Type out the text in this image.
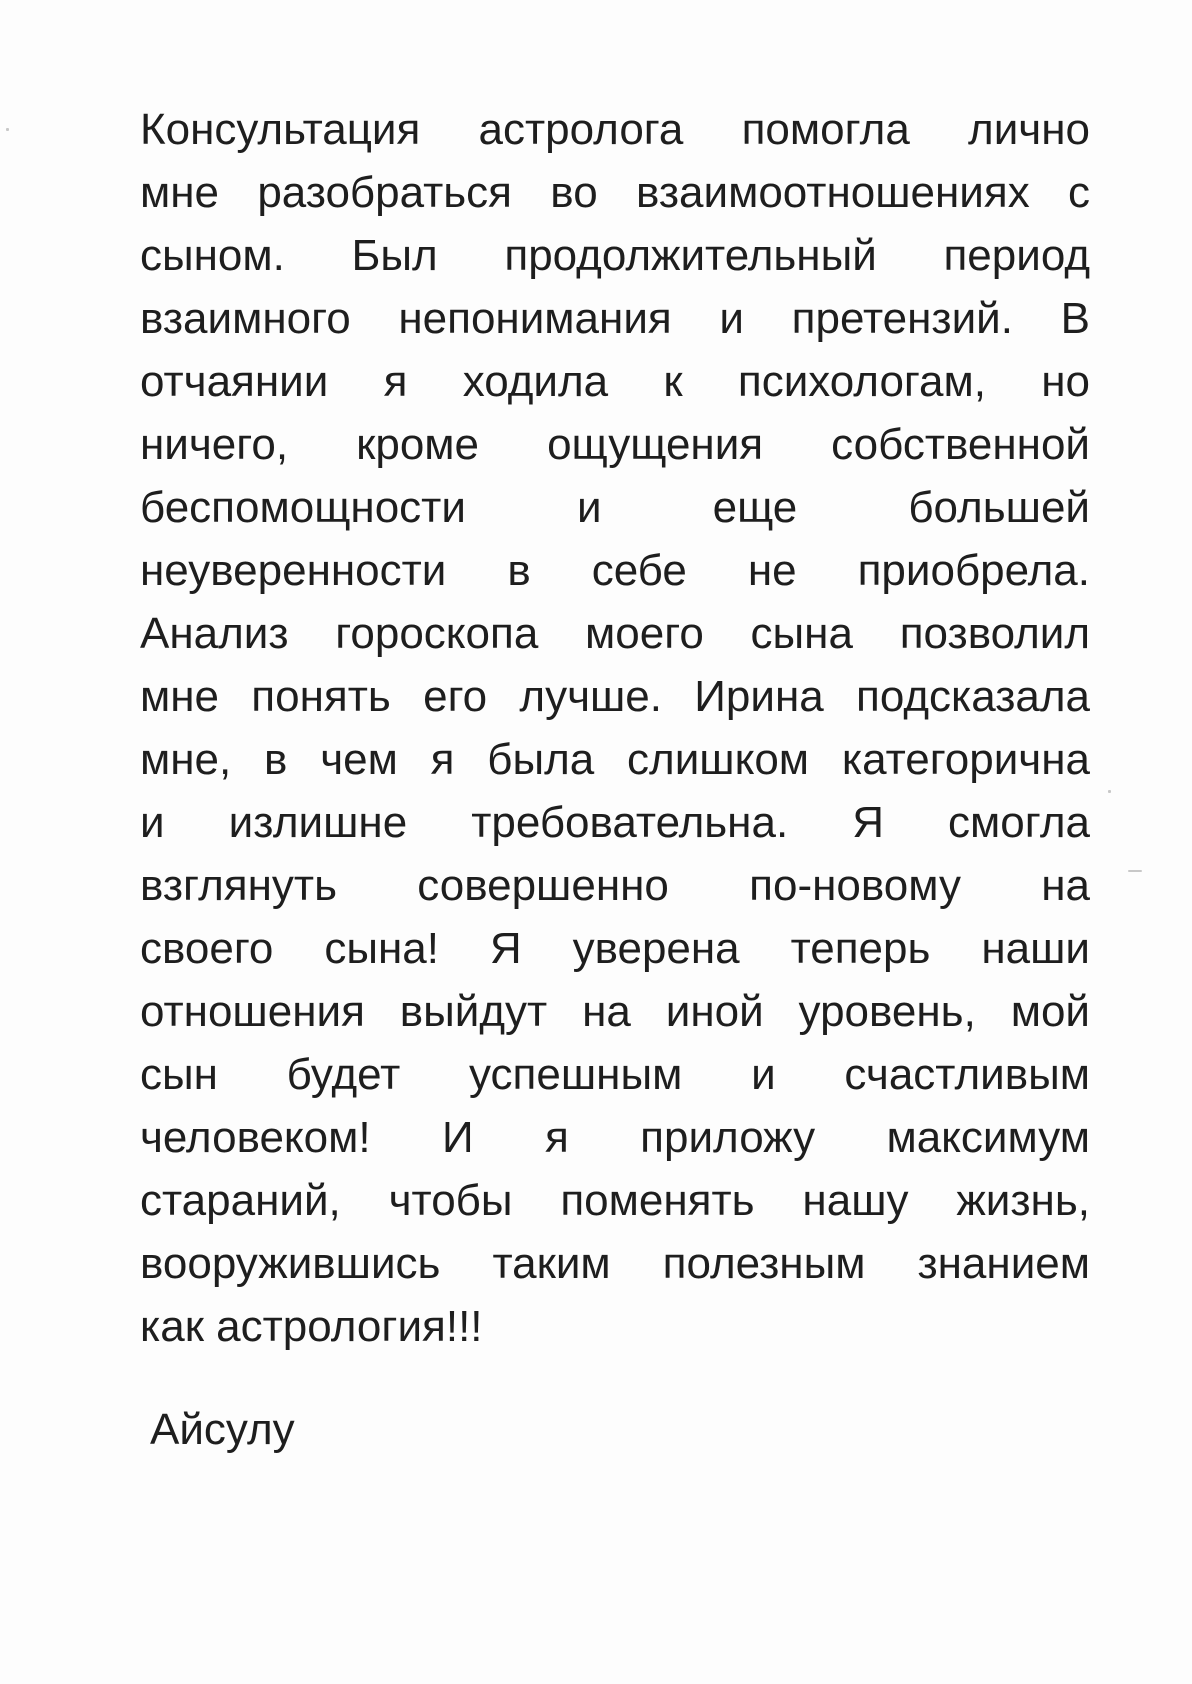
Консультация астролога помогла лично
мне разобраться во взаимоотношениях с
сыном. Был продолжительный период
взаимного непонимания и претензий. В
отчаянии я ходила к психологам, но
ничего, кроме ощущения собственной
беспомощности и еще большей
неуверенности в себе не приобрела.
Анализ гороскопа моего сына позволил
мне понять его лучше. Ирина подсказала
мне, в чем я была слишком категорична
и излишне требовательна. Я смогла
взглянуть совершенно по-новому на
своего сына! Я уверена теперь наши
отношения выйдут на иной уровень, мой
сын будет успешным и счастливым
человеком! И я приложу максимум
стараний, чтобы поменять нашу жизнь,
вооружившись таким полезным знанием
как астрология!!!
Айсулу
